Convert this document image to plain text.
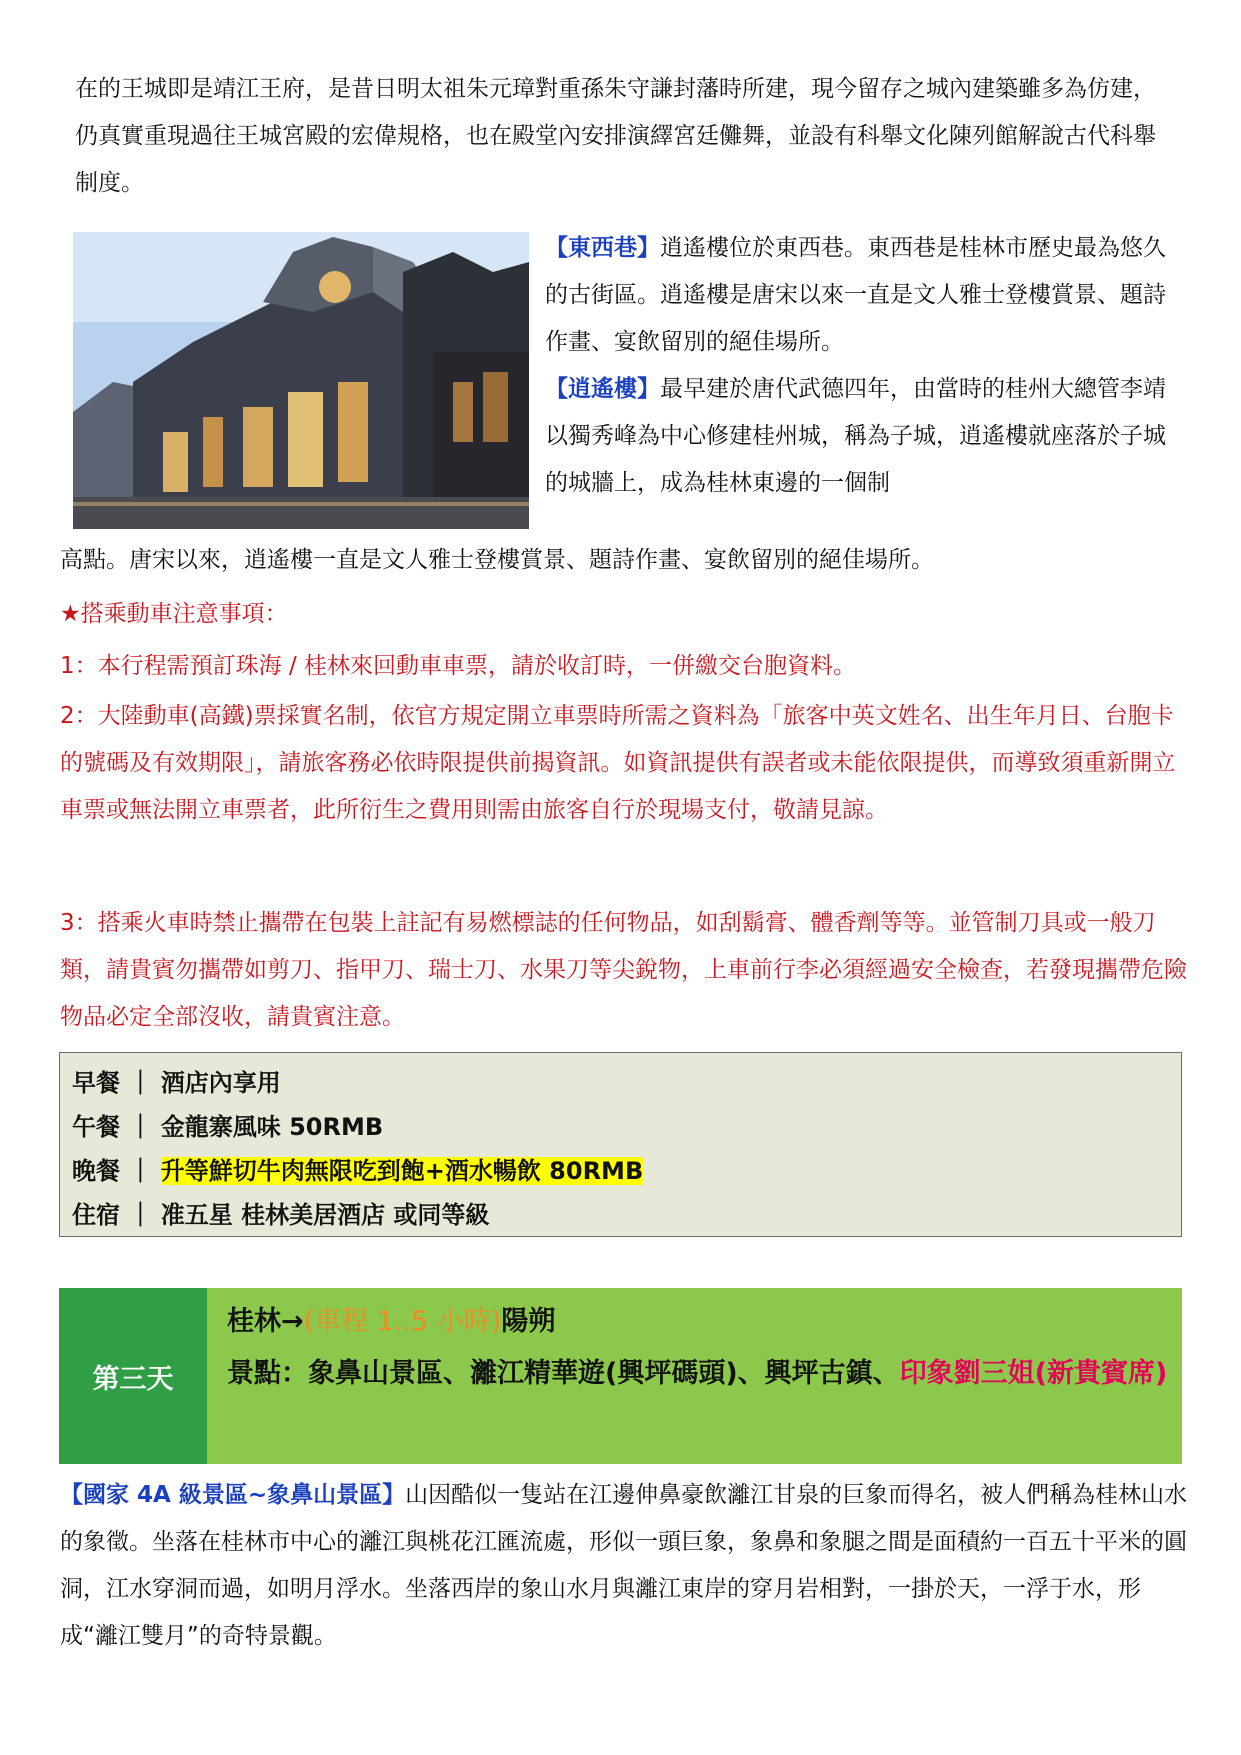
在的王城即是靖江王府，是昔日明太祖朱元璋對重孫朱守謙封藩時所建，現今留存之城內建築雖多為仿建，仍真實重現過往王城宮殿的宏偉規格，也在殿堂內安排演繹宮廷儺舞，並設有科舉文化陳列館解說古代科舉制度。

【東西巷】逍遙樓位於東西巷。東西巷是桂林市歷史最為悠久的古街區。逍遙樓是唐宋以來一直是文人雅士登樓賞景、題詩作畫、宴飲留別的絕佳場所。
【逍遙樓】最早建於唐代武德四年，由當時的桂州大總管李靖以獨秀峰為中心修建桂州城，稱為子城，逍遙樓就座落於子城的城牆上，成為桂林東邊的一個制

高點。唐宋以來，逍遙樓一直是文人雅士登樓賞景、題詩作畫、宴飲留別的絕佳場所。

★搭乘動車注意事項：

1：本行程需預訂珠海 / 桂林來回動車車票，請於收訂時，一併繳交台胞資料。

2：大陸動車(高鐵)票採實名制，依官方規定開立車票時所需之資料為「旅客中英文姓名、出生年月日、台胞卡的號碼及有效期限」，請旅客務必依時限提供前揭資訊。如資訊提供有誤者或未能依限提供，而導致須重新開立車票或無法開立車票者，此所衍生之費用則需由旅客自行於現場支付，敬請見諒。

3：搭乘火車時禁止攜帶在包裝上註記有易燃標誌的任何物品，如刮鬍膏、體香劑等等。並管制刀具或一般刀類，請貴賓勿攜帶如剪刀、指甲刀、瑞士刀、水果刀等尖銳物，上車前行李必須經過安全檢查，若發現攜帶危險物品必定全部沒收，請貴賓注意。

早餐 ｜ 酒店內享用
午餐 ｜ 金龍寨風味 50RMB
晚餐 ｜ 升等鮮切牛肉無限吃到飽+酒水暢飲 80RMB
住宿 ｜ 准五星 桂林美居酒店 或同等級
第三天
桂林→(車程 1..5 小時)陽朔
景點：象鼻山景區、灕江精華遊(興坪碼頭)、興坪古鎮、印象劉三姐(新貴賓席)

【國家 4A 級景區~象鼻山景區】山因酷似一隻站在江邊伸鼻豪飲灕江甘泉的巨象而得名，被人們稱為桂林山水的象徵。坐落在桂林市中心的灕江與桃花江匯流處，形似一頭巨象，象鼻和象腿之間是面積約一百五十平米的圓洞，江水穿洞而過，如明月浮水。坐落西岸的象山水月與灕江東岸的穿月岩相對，一掛於天，一浮于水，形成“灕江雙月”的奇特景觀。
